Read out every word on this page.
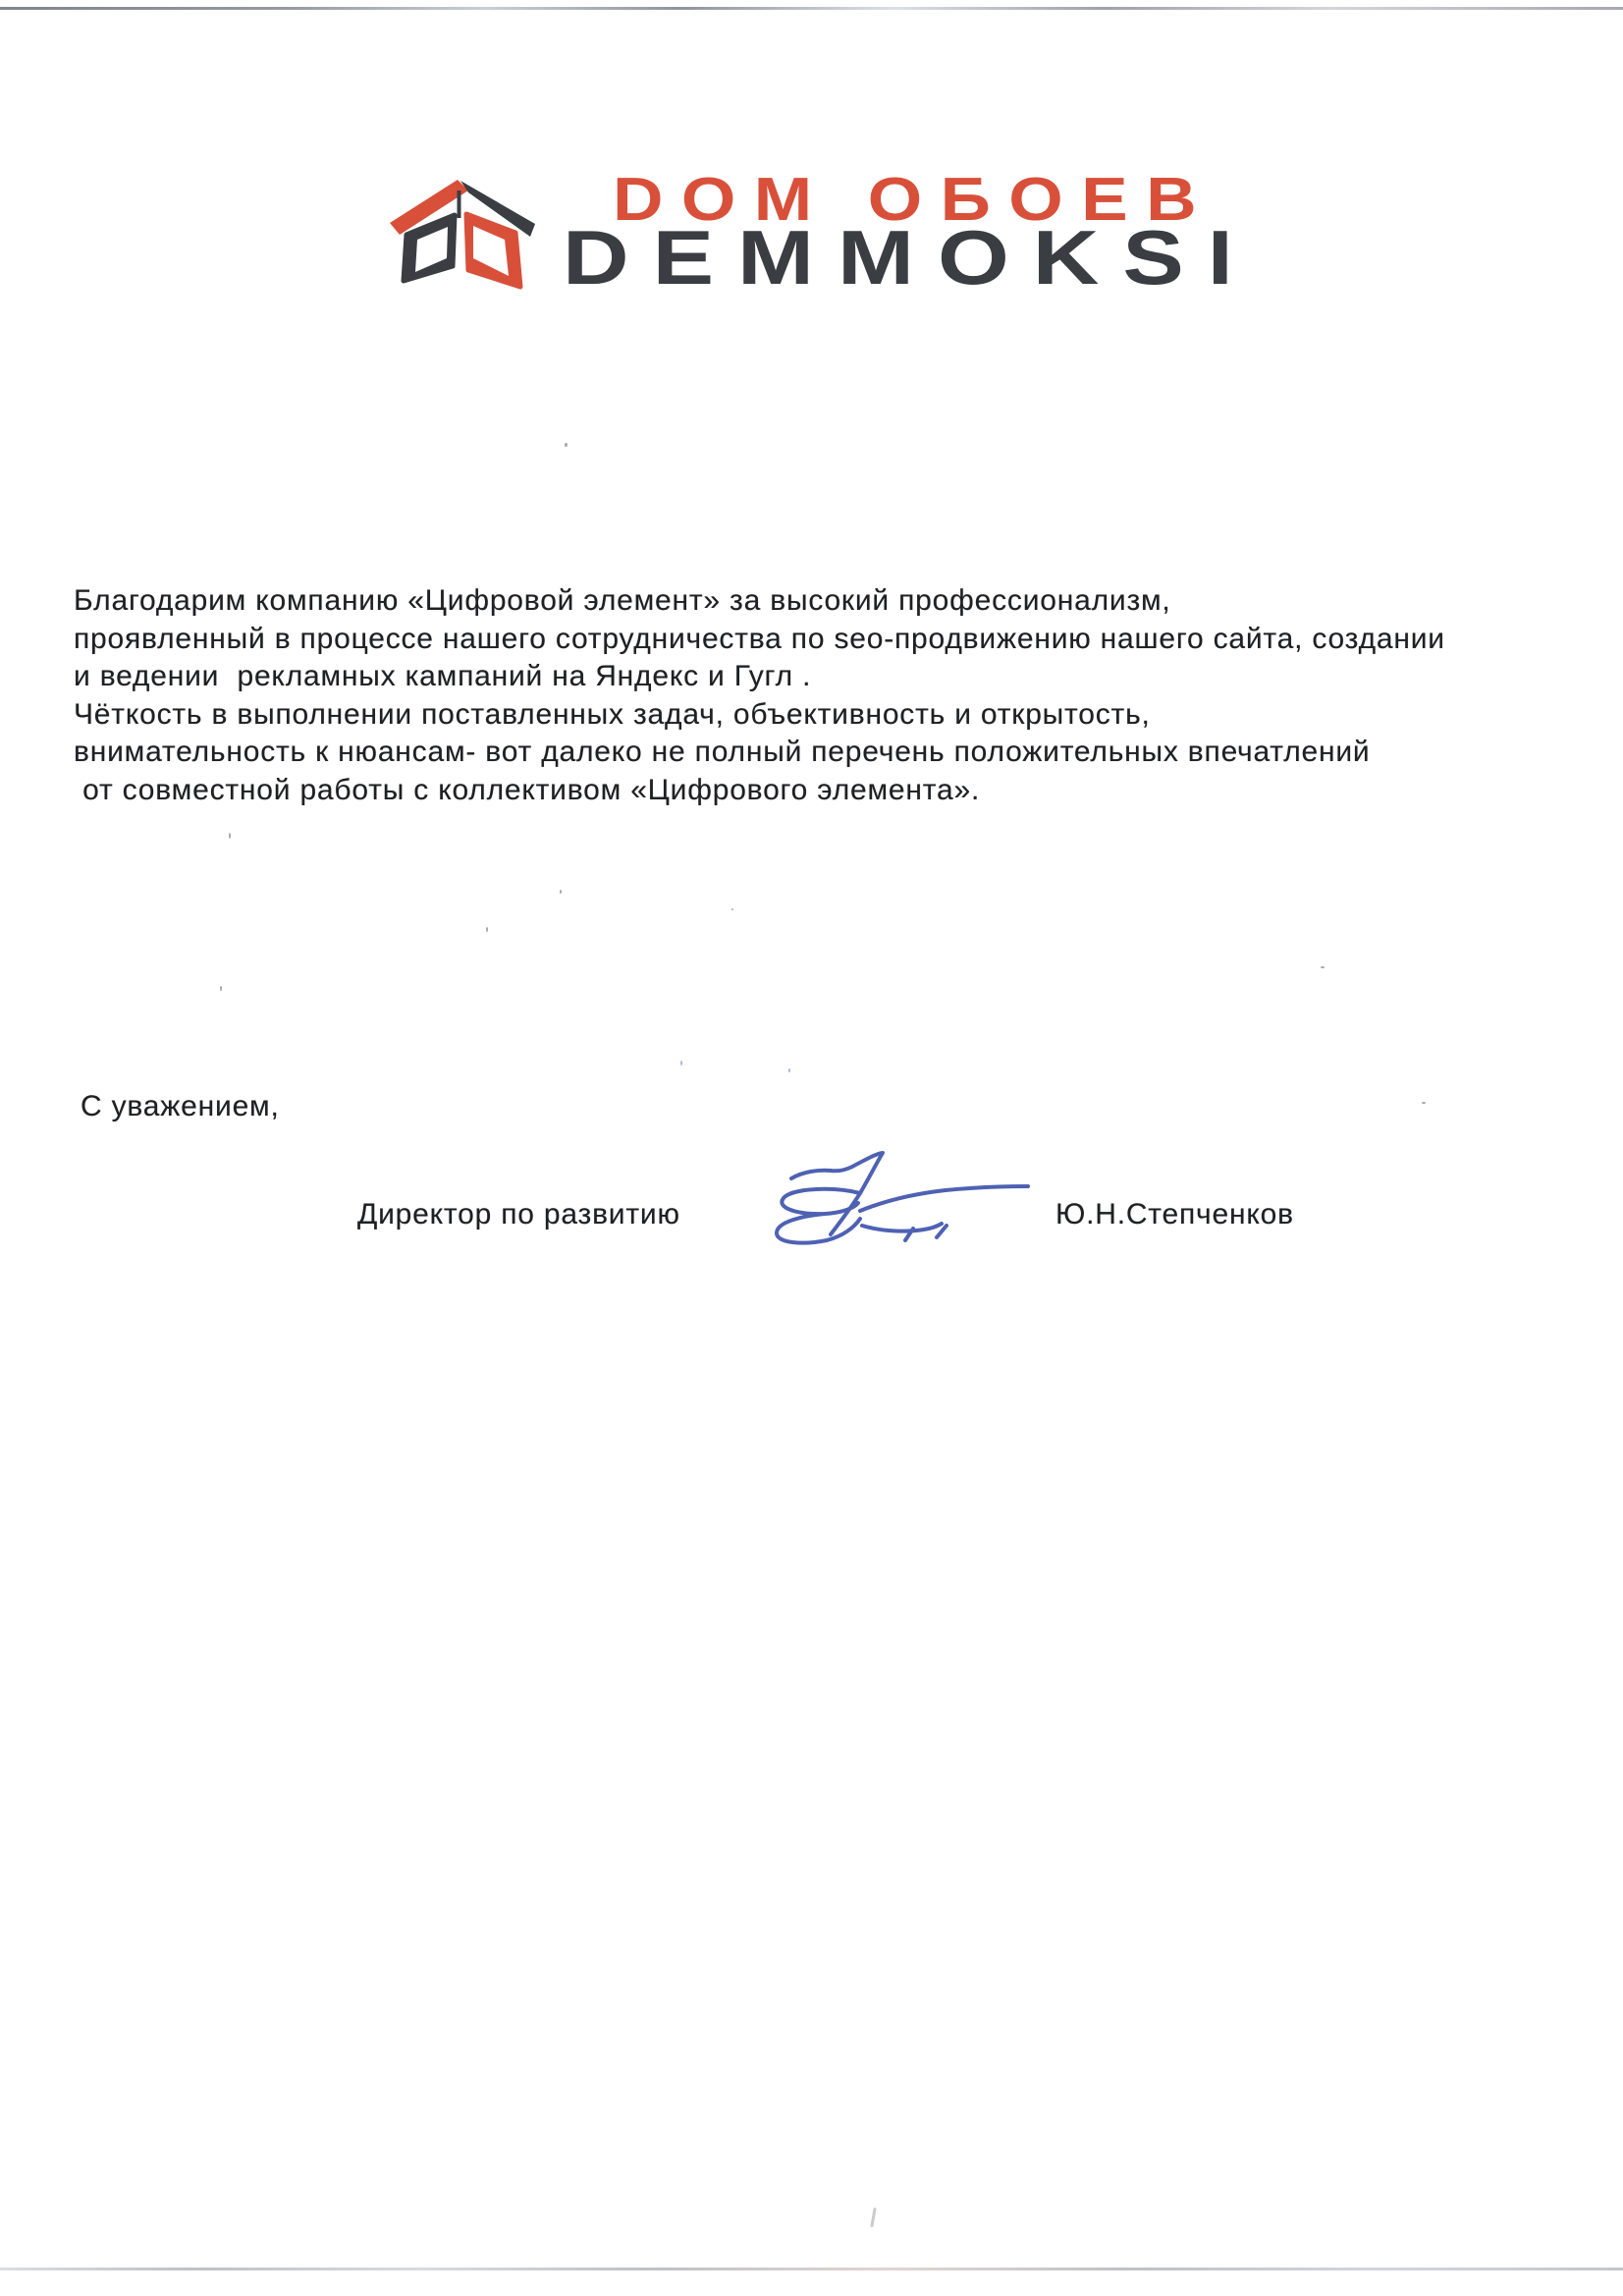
DOM ОБОЕВ
DEMMOKSI
Благодарим компанию «Цифровой элемент» за высокий профессионализм,
проявленный в процессе нашего сотрудничества по seo-продвижению нашего сайта, создании
и ведении  рекламных кампаний на Яндекс и Гугл .
Чёткость в выполнении поставленных задач, объективность и открытость,
внимательность к нюансам- вот далеко не полный перечень положительных впечатлений
от совместной работы с коллективом «Цифрового элемента».
С уважением,
Директор по развитию	Ю.Н.Степченков
